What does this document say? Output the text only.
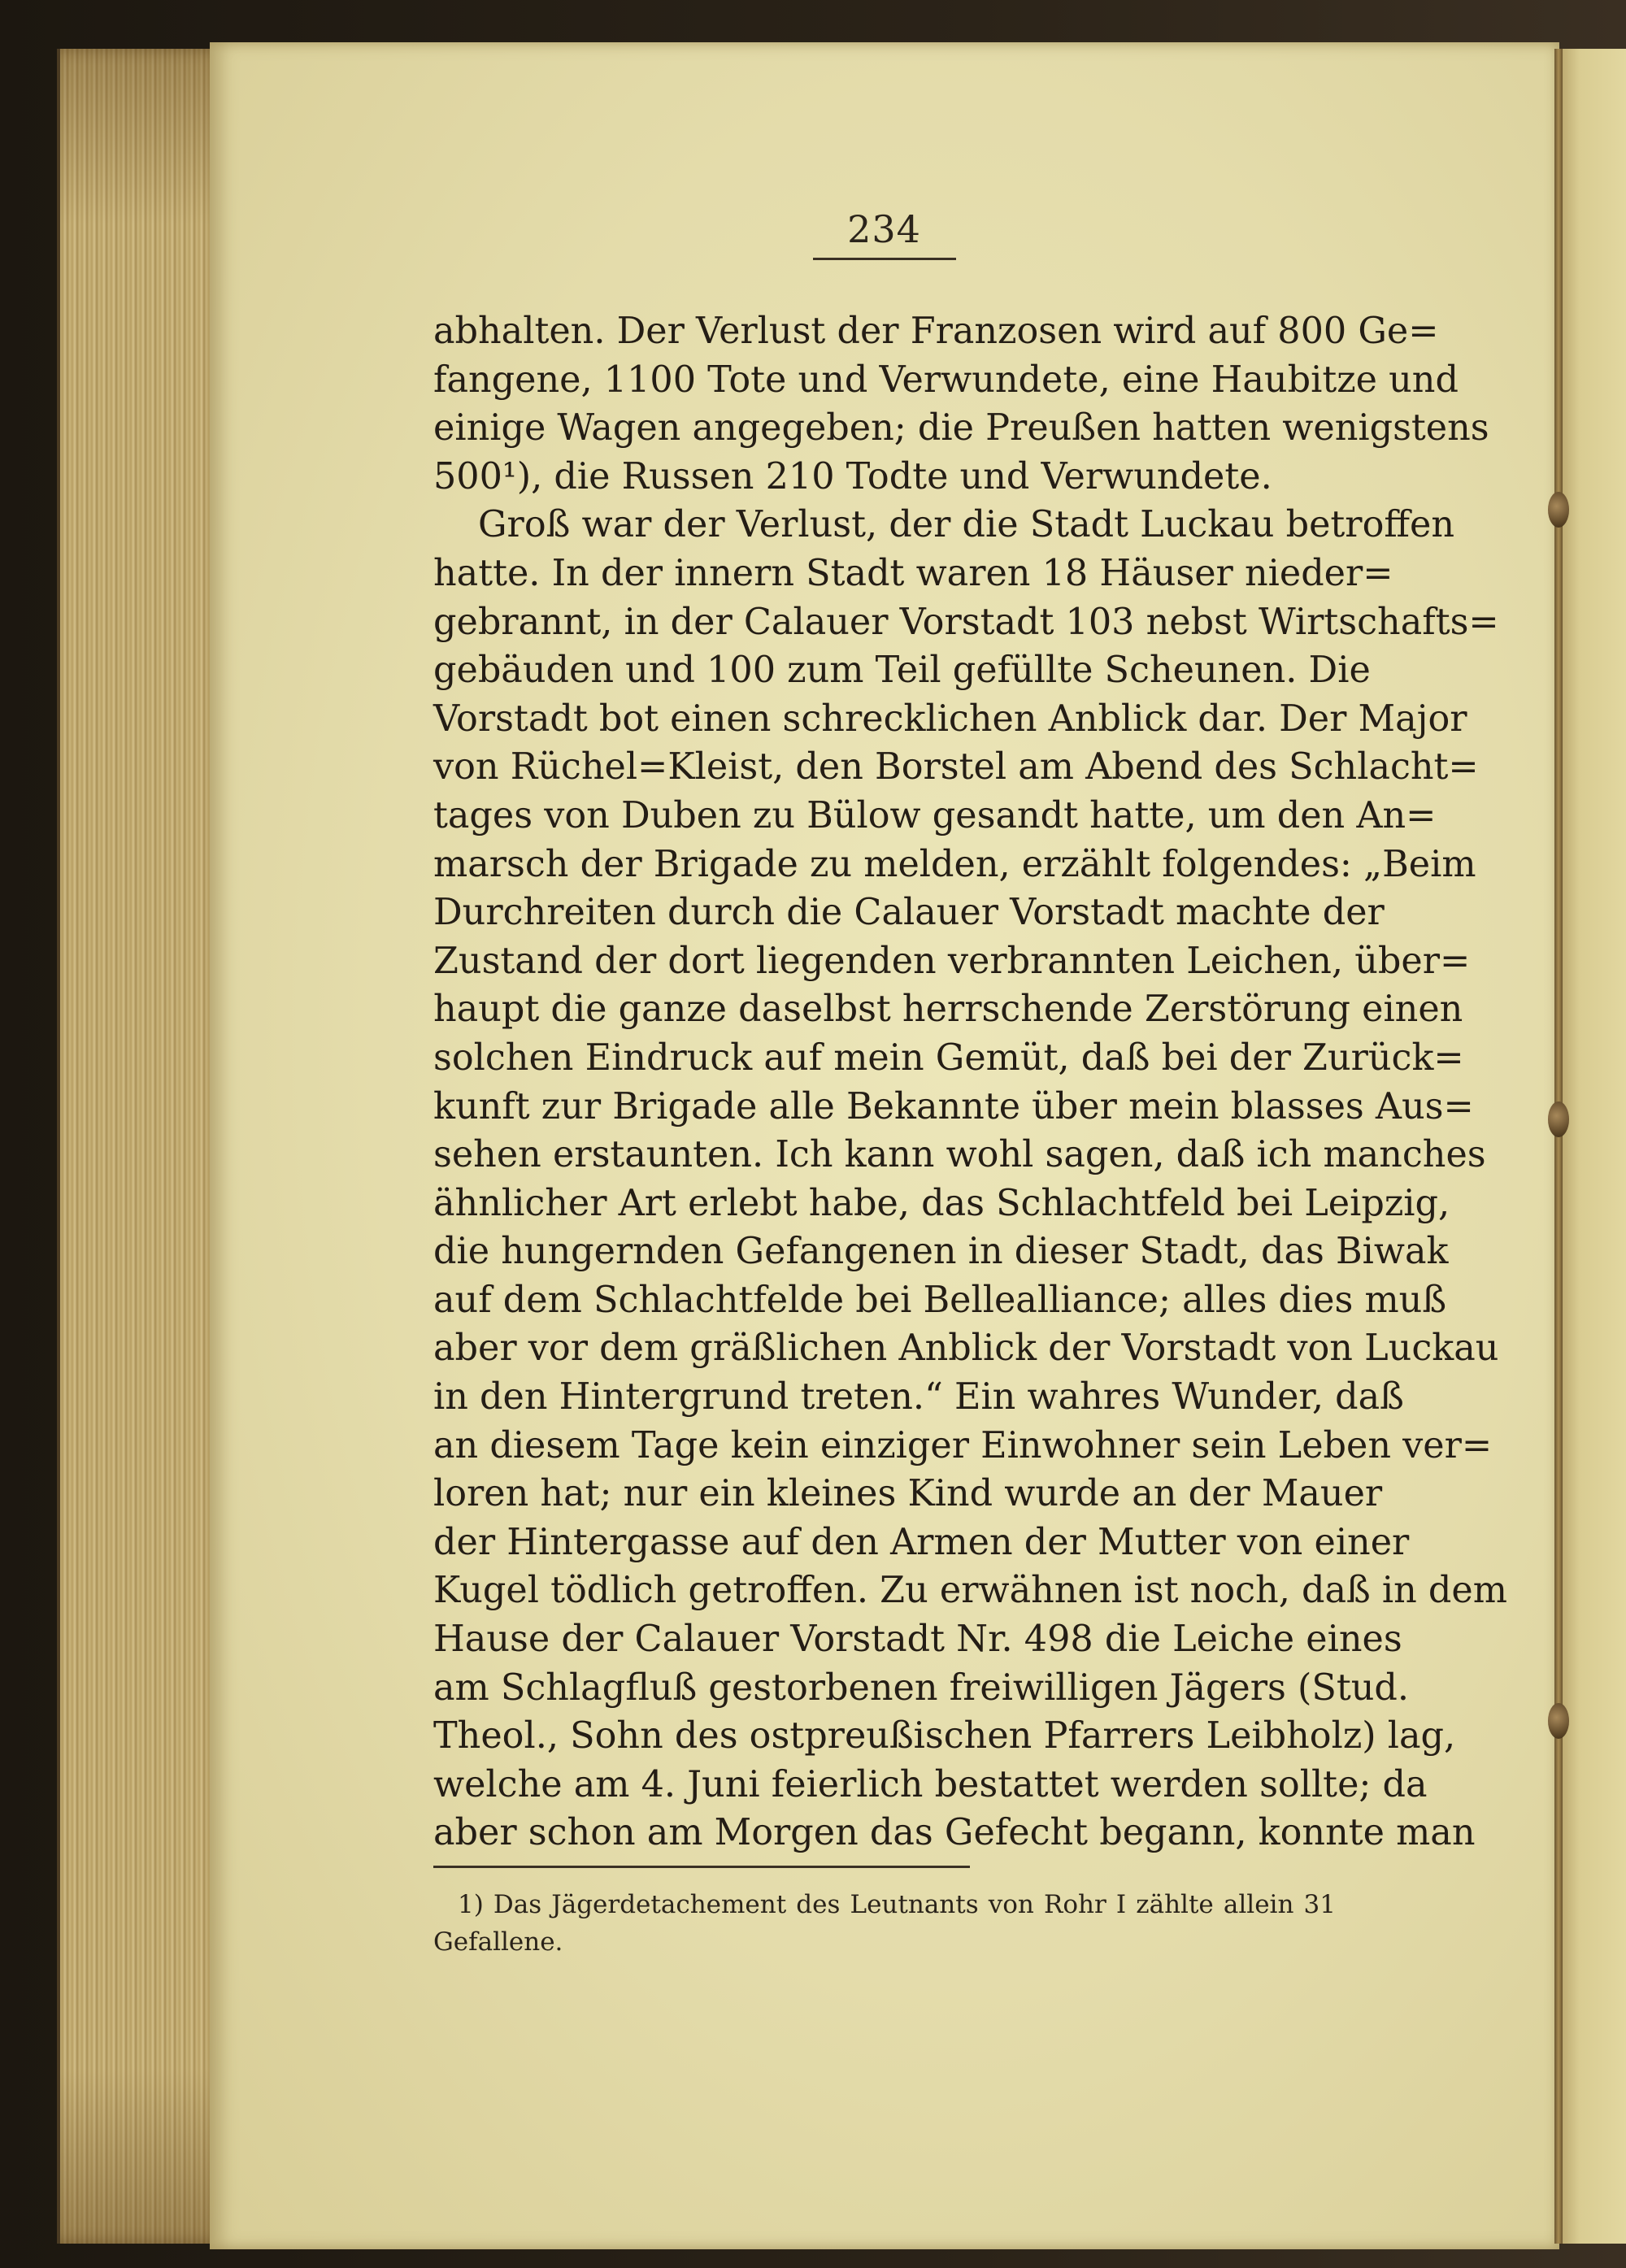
234
abhalten. Der Verlust der Franzosen wird auf 800 Ge=
fangene, 1100 Tote und Verwundete, eine Haubitze und
einige Wagen angegeben; die Preußen hatten wenigstens
500¹), die Russen 210 Todte und Verwundete.
Groß war der Verlust, der die Stadt Luckau betroffen
hatte. In der innern Stadt waren 18 Häuser nieder=
gebrannt, in der Calauer Vorstadt 103 nebst Wirtschafts=
gebäuden und 100 zum Teil gefüllte Scheunen. Die
Vorstadt bot einen schrecklichen Anblick dar. Der Major
von Rüchel=Kleist, den Borstel am Abend des Schlacht=
tages von Duben zu Bülow gesandt hatte, um den An=
marsch der Brigade zu melden, erzählt folgendes: „Beim
Durchreiten durch die Calauer Vorstadt machte der
Zustand der dort liegenden verbrannten Leichen, über=
haupt die ganze daselbst herrschende Zerstörung einen
solchen Eindruck auf mein Gemüt, daß bei der Zurück=
kunft zur Brigade alle Bekannte über mein blasses Aus=
sehen erstaunten. Ich kann wohl sagen, daß ich manches
ähnlicher Art erlebt habe, das Schlachtfeld bei Leipzig,
die hungernden Gefangenen in dieser Stadt, das Biwak
auf dem Schlachtfelde bei Bellealliance; alles dies muß
aber vor dem gräßlichen Anblick der Vorstadt von Luckau
in den Hintergrund treten.“ Ein wahres Wunder, daß
an diesem Tage kein einziger Einwohner sein Leben ver=
loren hat; nur ein kleines Kind wurde an der Mauer
der Hintergasse auf den Armen der Mutter von einer
Kugel tödlich getroffen. Zu erwähnen ist noch, daß in dem
Hause der Calauer Vorstadt Nr. 498 die Leiche eines
am Schlagfluß gestorbenen freiwilligen Jägers (Stud.
Theol., Sohn des ostpreußischen Pfarrers Leibholz) lag,
welche am 4. Juni feierlich bestattet werden sollte; da
aber schon am Morgen das Gefecht begann, konnte man
1) Das Jägerdetachement des Leutnants von Rohr I zählte allein 31
Gefallene.
